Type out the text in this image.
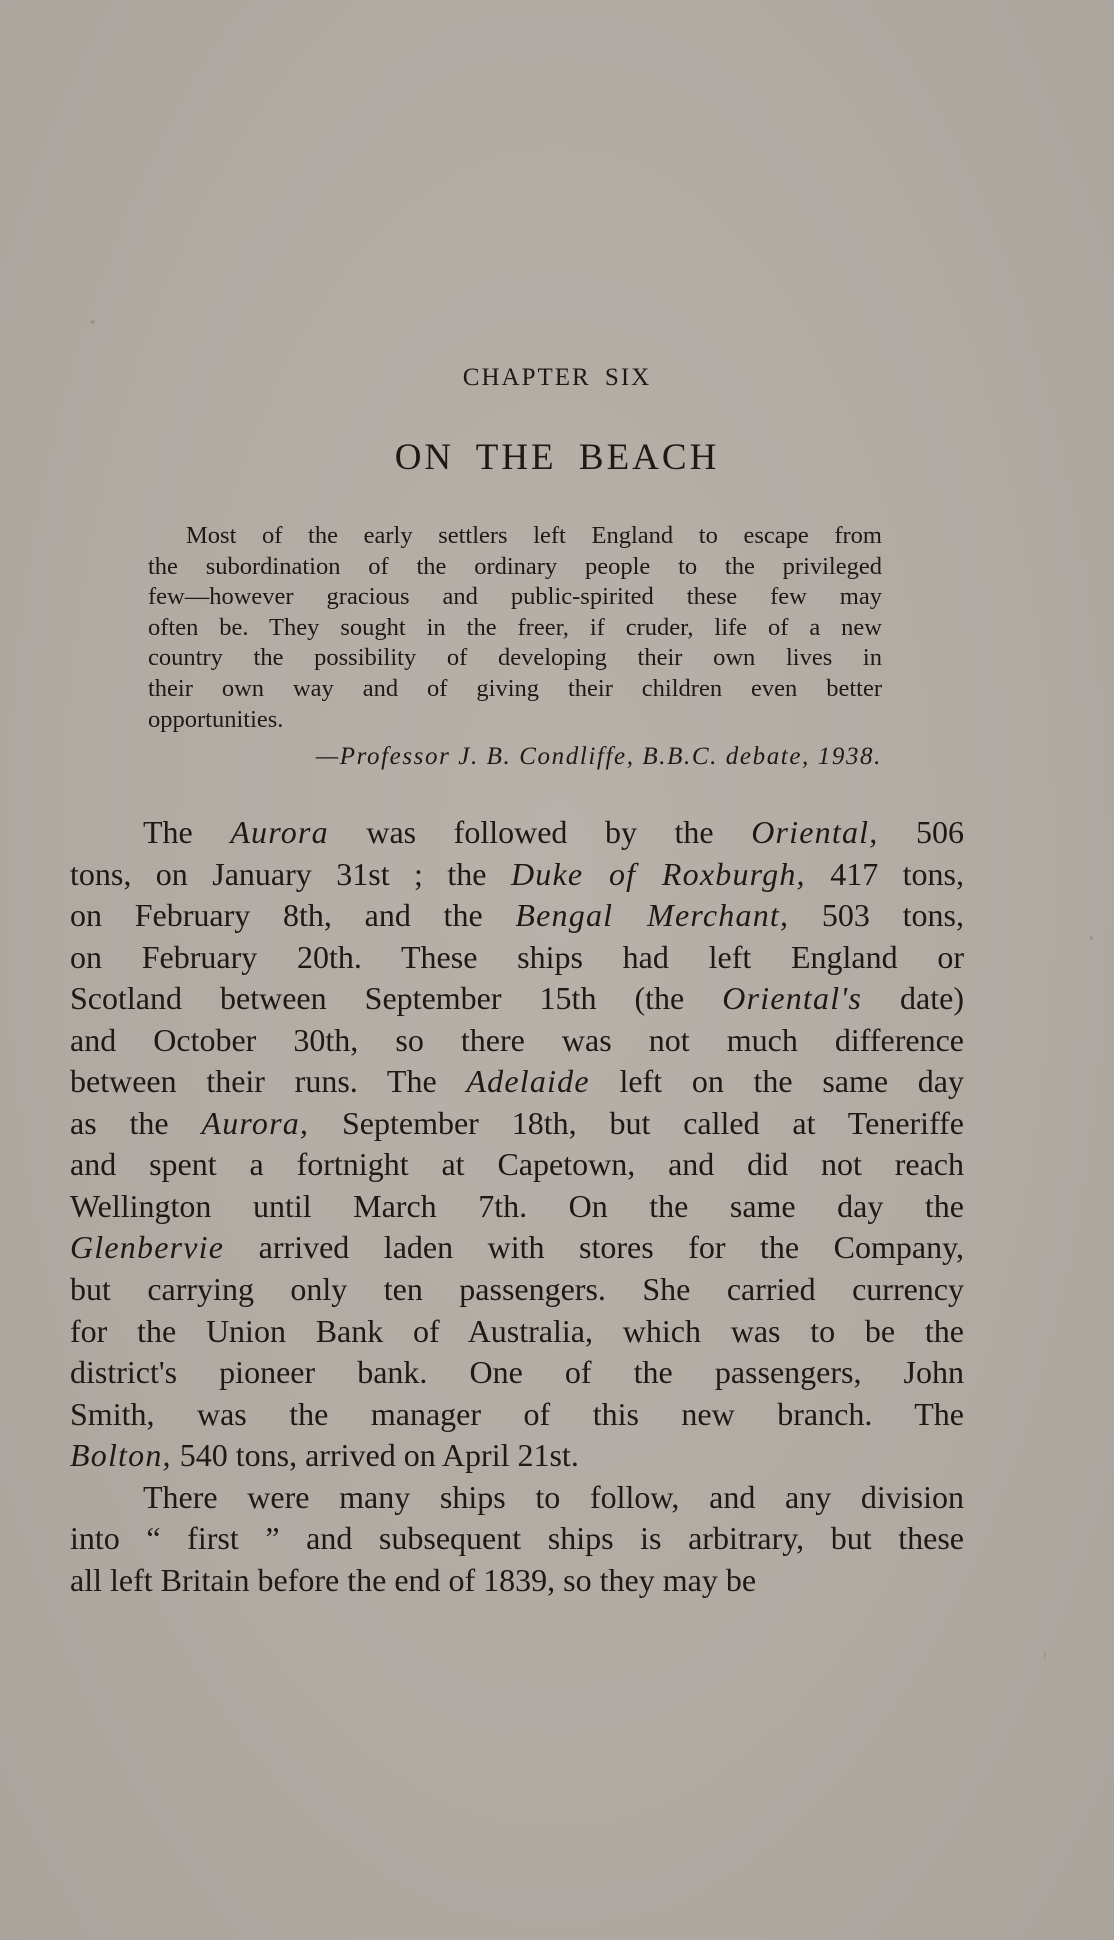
CHAPTER SIX
ON THE BEACH
Most of the early settlers left England to escape from
the subordination of the ordinary people to the privileged
few—however gracious and public-spirited these few may
often be. They sought in the freer, if cruder, life of a new
country the possibility of developing their own lives in
their own way and of giving their children even better
opportunities.
—Professor J. B. Condliffe, B.B.C. debate, 1938.
The Aurora was followed by the Oriental, 506
tons, on January 31st ; the Duke of Roxburgh, 417 tons,
on February 8th, and the Bengal Merchant, 503 tons,
on February 20th. These ships had left England or
Scotland between September 15th (the Oriental's date)
and October 30th, so there was not much difference
between their runs. The Adelaide left on the same day
as the Aurora, September 18th, but called at Teneriffe
and spent a fortnight at Capetown, and did not reach
Wellington until March 7th. On the same day the
Glenbervie arrived laden with stores for the Company,
but carrying only ten passengers. She carried currency
for the Union Bank of Australia, which was to be the
district's pioneer bank. One of the passengers, John
Smith, was the manager of this new branch. The
Bolton, 540 tons, arrived on April 21st.
There were many ships to follow, and any division
into “ first ” and subsequent ships is arbitrary, but these
all left Britain before the end of 1839, so they may be
